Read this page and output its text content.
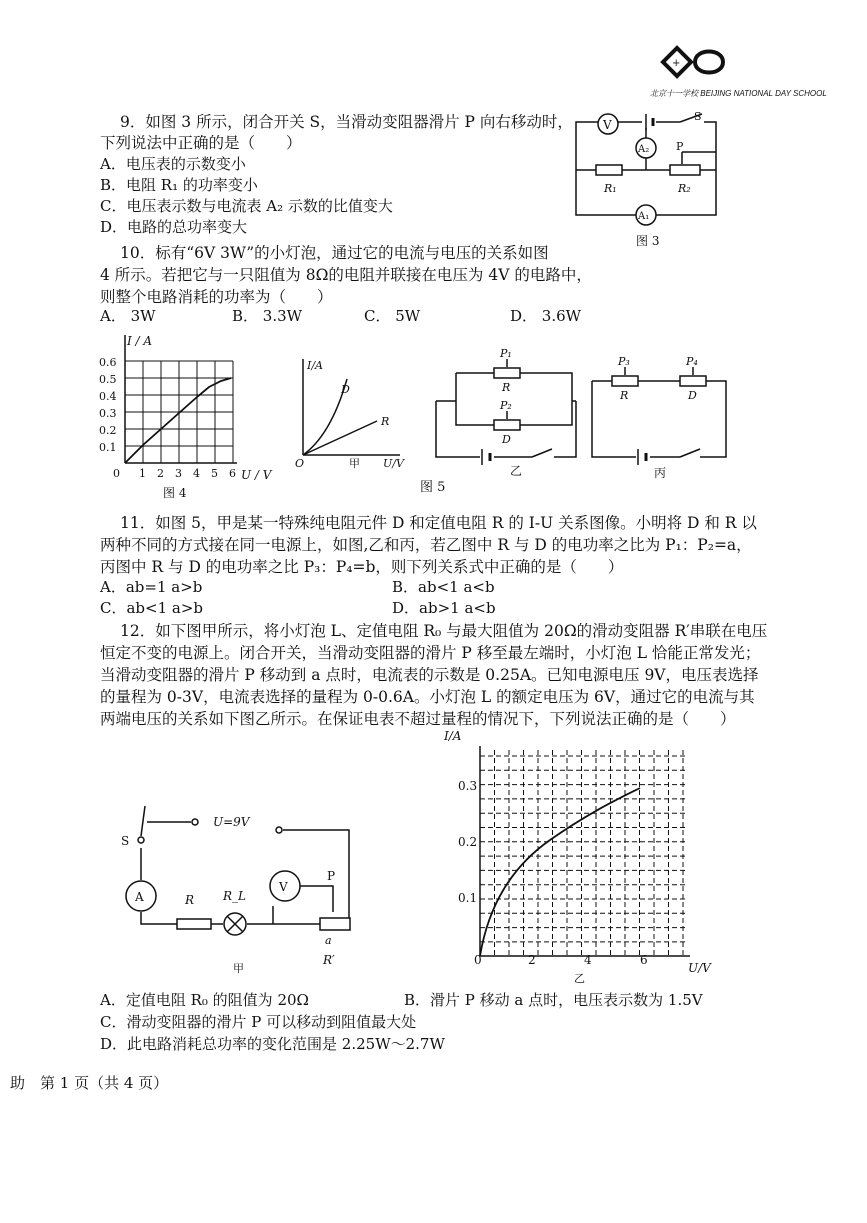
+
北京十一学校 BEIJING NATIONAL DAY SCHOOL
9．如图 3 所示，闭合开关 S，当滑动变阻器滑片 P 向右移动时，
下列说法中正确的是（　　）
A．电压表的示数变小
B．电阻 R₁ 的功率变小
C．电压表示数与电流表 A₂ 示数的比值变大
D．电路的总功率变大
V
A₂
R₁	R₂
P
A₁
S
图 3
10．标有“6V 3W”的小灯泡，通过它的电流与电压的关系如图
4 所示。若把它与一只阻值为 8Ω的电阻并联接在电压为 4V 的电路中，
则整个电路消耗的功率为（　　）
A． 3W	B． 3.3W	C． 5W	D． 3.6W
I / A
U / V
0.6
0.5
0.4
0.3
0.2
0.1
0 1 2 3 4 5 6
图 4
I/A
U/V
O
D
R
甲
P₁
R
P₂
D
乙
P₃
R
P₄
D
丙
图 5
11．如图 5，甲是某一特殊纯电阻元件 D 和定值电阻 R 的 I-U 关系图像。小明将 D 和 R 以
两种不同的方式接在同一电源上，如图,乙和丙，若乙图中 R 与 D 的电功率之比为 P₁：P₂=a，
丙图中 R 与 D 的电功率之比 P₃：P₄=b，则下列关系式中正确的是（　　）
A．ab=1 a>b	B．ab<1 a<b
C．ab<1 a>b	D．ab>1 a<b
12．如下图甲所示，将小灯泡 L、定值电阻 R₀ 与最大阻值为 20Ω的滑动变阻器 R′串联在电压
恒定不变的电源上。闭合开关，当滑动变阻器的滑片 P 移至最左端时，小灯泡 L 恰能正常发光；
当滑动变阻器的滑片 P 移动到 a 点时，电流表的示数是 0.25A。已知电源电压 9V，电压表选择
的量程为 0-3V，电流表选择的量程为 0-0.6A。小灯泡 L 的额定电压为 6V，通过它的电流与其
两端电压的关系如下图乙所示。在保证电表不超过量程的情况下，下列说法正确的是（　　）
S
U=9V
A	R R_L
V
P
a
R′
甲
I/A
U/V
0.3
0.2
0.1
0	2	4	6
乙
A．定值电阻 R₀ 的阻值为 20Ω	B．滑片 P 移动 a 点时，电压表示数为 1.5V
C．滑动变阻器的滑片 P 可以移动到阻值最大处
D．此电路消耗总功率的变化范围是 2.25W～2.7W
助　第 1 页（共 4 页）
